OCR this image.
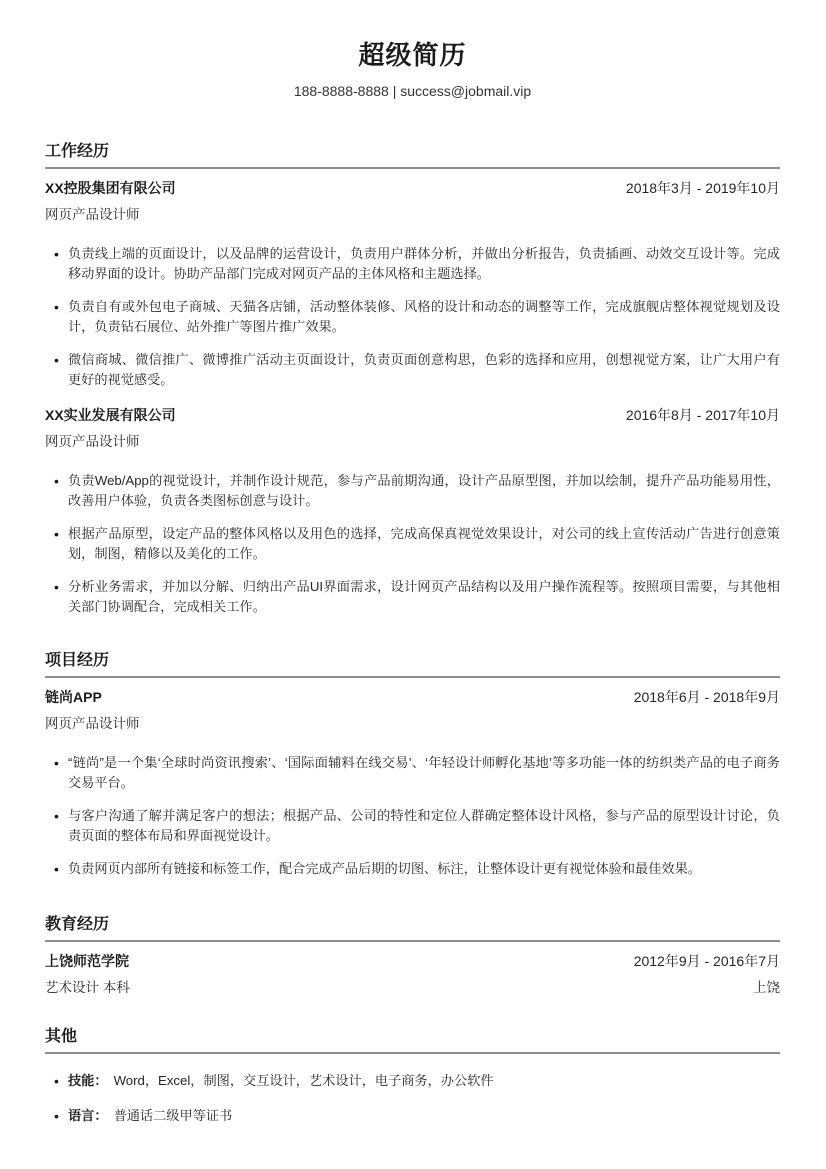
超级简历
188-8888-8888 | success@jobmail.vip
工作经历
XX控股集团有限公司	2018年3月 - 2019年10月
网页产品设计师
• 负责线上端的页面设计，以及品牌的运营设计，负责用户群体分析，并做出分析报告，负责插画、动效交互设计等。完成移动界面的设计。协助产品部门完成对网页产品的主体风格和主题选择。
• 负责自有或外包电子商城、天猫各店铺，活动整体装修、风格的设计和动态的调整等工作，完成旗舰店整体视觉规划及设计，负责钻石展位、站外推广等图片推广效果。
• 微信商城、微信推广、微博推广活动主页面设计，负责页面创意构思，色彩的选择和应用，创想视觉方案，让广大用户有更好的视觉感受。
XX实业发展有限公司	2016年8月 - 2017年10月
网页产品设计师
• 负责Web/App的视觉设计，并制作设计规范，参与产品前期沟通，设计产品原型图，并加以绘制，提升产品功能易用性，改善用户体验，负责各类图标创意与设计。
• 根据产品原型，设定产品的整体风格以及用色的选择，完成高保真视觉效果设计，对公司的线上宣传活动广告进行创意策划，制图，精修以及美化的工作。
• 分析业务需求，并加以分解、归纳出产品UI界面需求，设计网页产品结构以及用户操作流程等。按照项目需要，与其他相关部门协调配合，完成相关工作。
项目经历
链尚APP	2018年6月 - 2018年9月
网页产品设计师
• “链尚”是一个集‘全球时尚资讯搜索’、‘国际面辅料在线交易’、‘年轻设计师孵化基地’等多功能一体的纺织类产品的电子商务交易平台。
• 与客户沟通了解并满足客户的想法；根据产品、公司的特性和定位人群确定整体设计风格，参与产品的原型设计讨论，负责页面的整体布局和界面视觉设计。
• 负责网页内部所有链接和标签工作，配合完成产品后期的切图、标注，让整体设计更有视觉体验和最佳效果。
教育经历
上饶师范学院	2012年9月 - 2016年7月
艺术设计 本科	上饶
其他
• 技能： Word，Excel，制图，交互设计，艺术设计，电子商务，办公软件
• 语言： 普通话二级甲等证书
